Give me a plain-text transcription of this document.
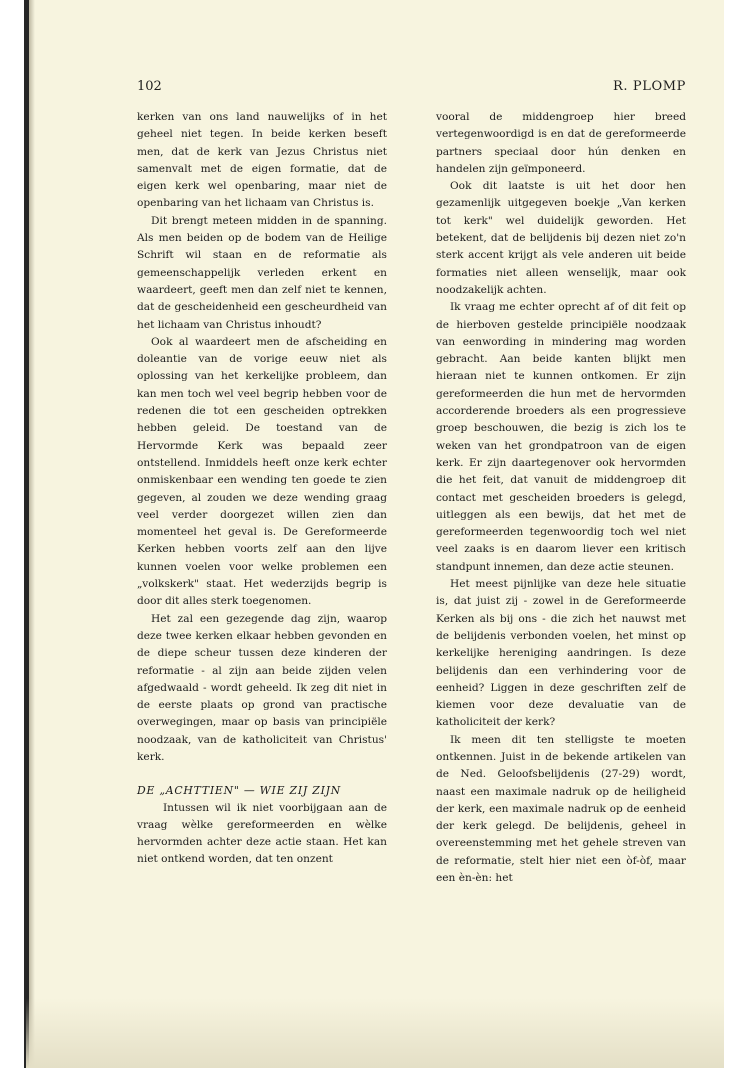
102	R. PLOMP

kerken van ons land nauwelijks of in het geheel niet tegen. In beide kerken beseft men, dat de kerk van Jezus Christus niet samenvalt met de eigen formatie, dat de eigen kerk wel openbaring, maar niet de openbaring van het lichaam van Christus is.

Dit brengt meteen midden in de spanning. Als men beiden op de bodem van de Heilige Schrift wil staan en de reformatie als gemeenschappelijk verleden erkent en waardeert, geeft men dan zelf niet te kennen, dat de gescheidenheid een gescheurdheid van het lichaam van Christus inhoudt?

Ook al waardeert men de afscheiding en doleantie van de vorige eeuw niet als oplossing van het kerkelijke probleem, dan kan men toch wel veel begrip hebben voor de redenen die tot een gescheiden optrekken hebben geleid. De toestand van de Hervormde Kerk was bepaald zeer ontstellend. Inmiddels heeft onze kerk echter onmiskenbaar een wending ten goede te zien gegeven, al zouden we deze wending graag veel verder doorgezet willen zien dan momenteel het geval is. De Gereformeerde Kerken hebben voorts zelf aan den lijve kunnen voelen voor welke problemen een „volkskerk" staat. Het wederzijds begrip is door dit alles sterk toegenomen.

Het zal een gezegende dag zijn, waarop deze twee kerken elkaar hebben gevonden en de diepe scheur tussen deze kinderen der reformatie - al zijn aan beide zijden velen afgedwaald - wordt geheeld. Ik zeg dit niet in de eerste plaats op grond van practische overwegingen, maar op basis van principiële noodzaak, van de katholiciteit van Christus' kerk.

DE „ACHTTIEN" — WIE ZIJ ZIJN

Intussen wil ik niet voorbijgaan aan de vraag wèlke gereformeerden en wèlke hervormden achter deze actie staan. Het kan niet ontkend worden, dat ten onzent

vooral de middengroep hier breed vertegenwoordigd is en dat de gereformeerde partners speciaal door hún denken en handelen zijn geïmponeerd.

Ook dit laatste is uit het door hen gezamenlijk uitgegeven boekje „Van kerken tot kerk" wel duidelijk geworden. Het betekent, dat de belijdenis bij dezen niet zo'n sterk accent krijgt als vele anderen uit beide formaties niet alleen wenselijk, maar ook noodzakelijk achten.

Ik vraag me echter oprecht af of dit feit op de hierboven gestelde principiële noodzaak van eenwording in mindering mag worden gebracht. Aan beide kanten blijkt men hieraan niet te kunnen ontkomen. Er zijn gereformeerden die hun met de hervormden accorderende broeders als een progressieve groep beschouwen, die bezig is zich los te weken van het grondpatroon van de eigen kerk. Er zijn daartegenover ook hervormden die het feit, dat vanuit de middengroep dit contact met gescheiden broeders is gelegd, uitleggen als een bewijs, dat het met de gereformeerden tegenwoordig toch wel niet veel zaaks is en daarom liever een kritisch standpunt innemen, dan deze actie steunen.

Het meest pijnlijke van deze hele situatie is, dat juist zij - zowel in de Gereformeerde Kerken als bij ons - die zich het nauwst met de belijdenis verbonden voelen, het minst op kerkelijke hereniging aandringen. Is deze belijdenis dan een verhindering voor de eenheid? Liggen in deze geschriften zelf de kiemen voor deze devaluatie van de katholiciteit der kerk?

Ik meen dit ten stelligste te moeten ontkennen. Juist in de bekende artikelen van de Ned. Geloofsbelijdenis (27-29) wordt, naast een maximale nadruk op de heiligheid der kerk, een maximale nadruk op de eenheid der kerk gelegd. De belijdenis, geheel in overeenstemming met het gehele streven van de reformatie, stelt hier niet een òf-òf, maar een èn-èn: het
